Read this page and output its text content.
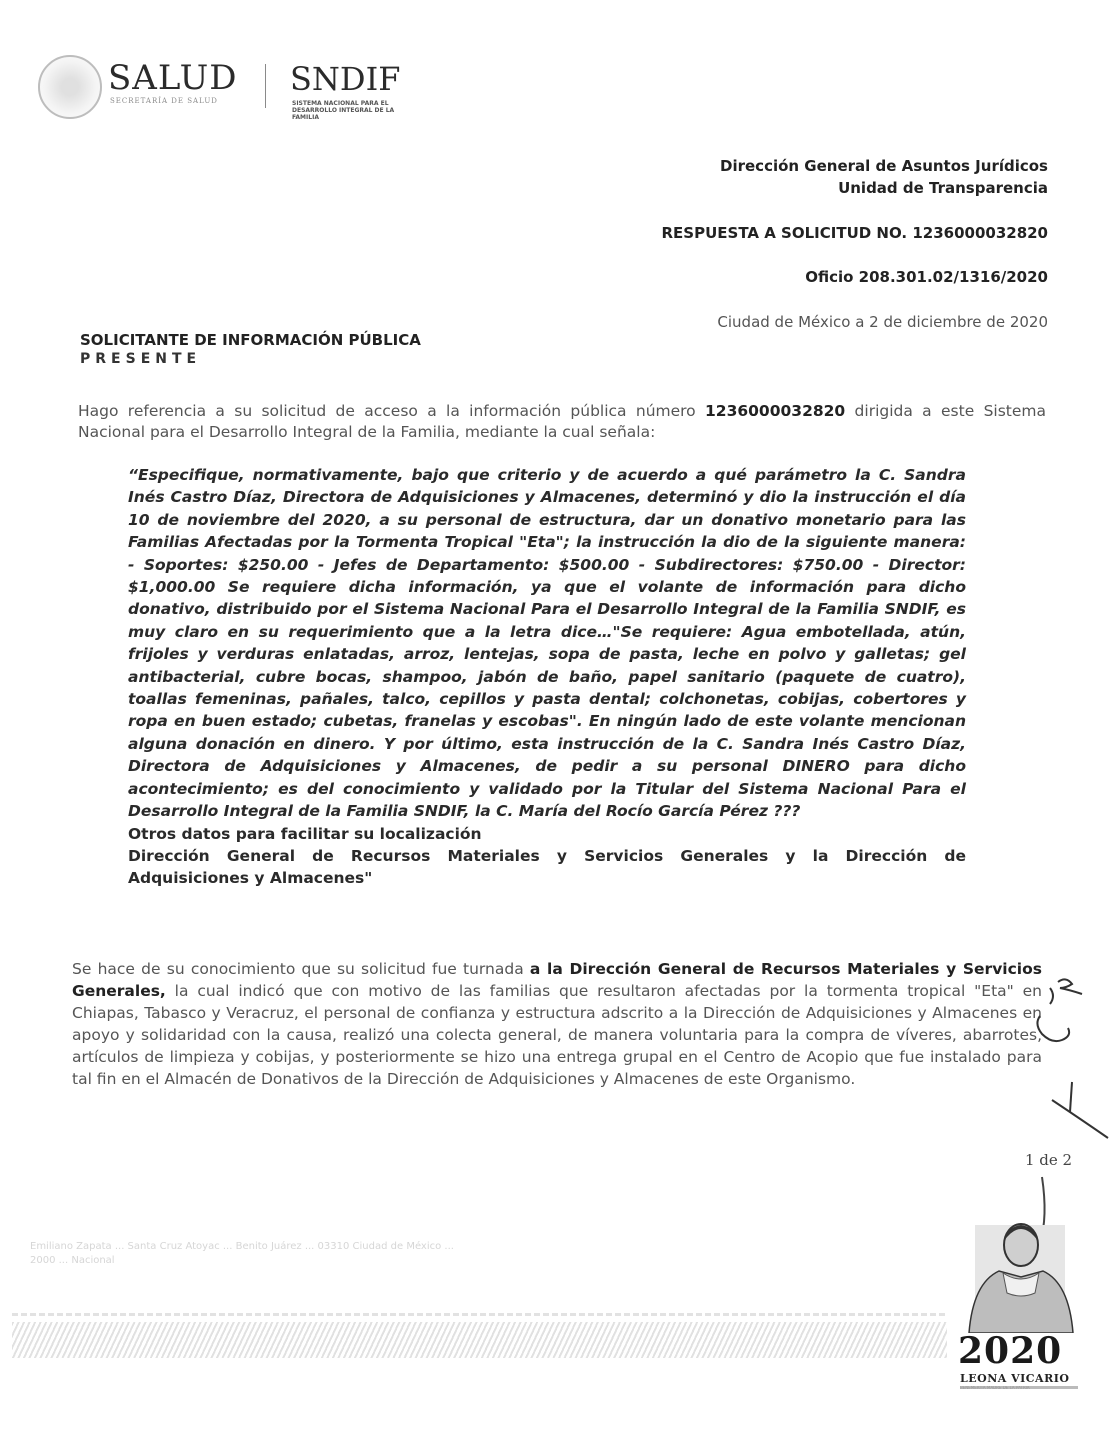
SALUD
SECRETARÍA DE SALUD
SNDIF
SISTEMA NACIONAL PARA EL DESARROLLO INTEGRAL DE LA FAMILIA
Dirección General de Asuntos Jurídicos
Unidad de Transparencia
RESPUESTA A SOLICITUD NO. 1236000032820
Oficio 208.301.02/1316/2020
Ciudad de México a 2 de diciembre de 2020
SOLICITANTE DE INFORMACIÓN PÚBLICA
PRESENTE
Hago referencia a su solicitud de acceso a la información pública número 1236000032820 dirigida a este Sistema Nacional para el Desarrollo Integral de la Familia, mediante la cual señala:
“Especifique, normativamente, bajo que criterio y de acuerdo a qué parámetro la C. Sandra Inés Castro Díaz, Directora de Adquisiciones y Almacenes, determinó y dio la instrucción el día 10 de noviembre del 2020, a su personal de estructura, dar un donativo monetario para las Familias Afectadas por la Tormenta Tropical "Eta"; la instrucción la dio de la siguiente manera: - Soportes: $250.00 - Jefes de Departamento: $500.00 - Subdirectores: $750.00 - Director: $1,000.00 Se requiere dicha información, ya que el volante de información para dicho donativo, distribuido por el Sistema Nacional Para el Desarrollo Integral de la Familia SNDIF, es muy claro en su requerimiento que a la letra dice…"Se requiere: Agua embotellada, atún, frijoles y verduras enlatadas, arroz, lentejas, sopa de pasta, leche en polvo y galletas; gel antibacterial, cubre bocas, shampoo, jabón de baño, papel sanitario (paquete de cuatro), toallas femeninas, pañales, talco, cepillos y pasta dental; colchonetas, cobijas, cobertores y ropa en buen estado; cubetas, franelas y escobas". En ningún lado de este volante mencionan alguna donación en dinero. Y por último, esta instrucción de la C. Sandra Inés Castro Díaz, Directora de Adquisiciones y Almacenes, de pedir a su personal DINERO para dicho acontecimiento; es del conocimiento y validado por la Titular del Sistema Nacional Para el Desarrollo Integral de la Familia SNDIF, la C. María del Rocío García Pérez ???
Otros datos para facilitar su localización
Dirección General de Recursos Materiales y Servicios Generales y la Dirección de
Adquisiciones y Almacenes"
Se hace de su conocimiento que su solicitud fue turnada a la Dirección General de Recursos Materiales y Servicios Generales, la cual indicó que con motivo de las familias que resultaron afectadas por la tormenta tropical "Eta" en Chiapas, Tabasco y Veracruz, el personal de confianza y estructura adscrito a la Dirección de Adquisiciones y Almacenes en apoyo y solidaridad con la causa, realizó una colecta general, de manera voluntaria para la compra de víveres, abarrotes, artículos de limpieza y cobijas, y posteriormente se hizo una entrega grupal en el Centro de Acopio que fue instalado para tal fin en el Almacén de Donativos de la Dirección de Adquisiciones y Almacenes de este Organismo.
1 de 2
Emiliano Zapata ... Santa Cruz Atoyac ... Benito Juárez ... 03310 Ciudad de México ...
2000 ... Nacional
2020
LEONA VICARIO
BENEMÉRITA MADRE DE LA PATRIA
